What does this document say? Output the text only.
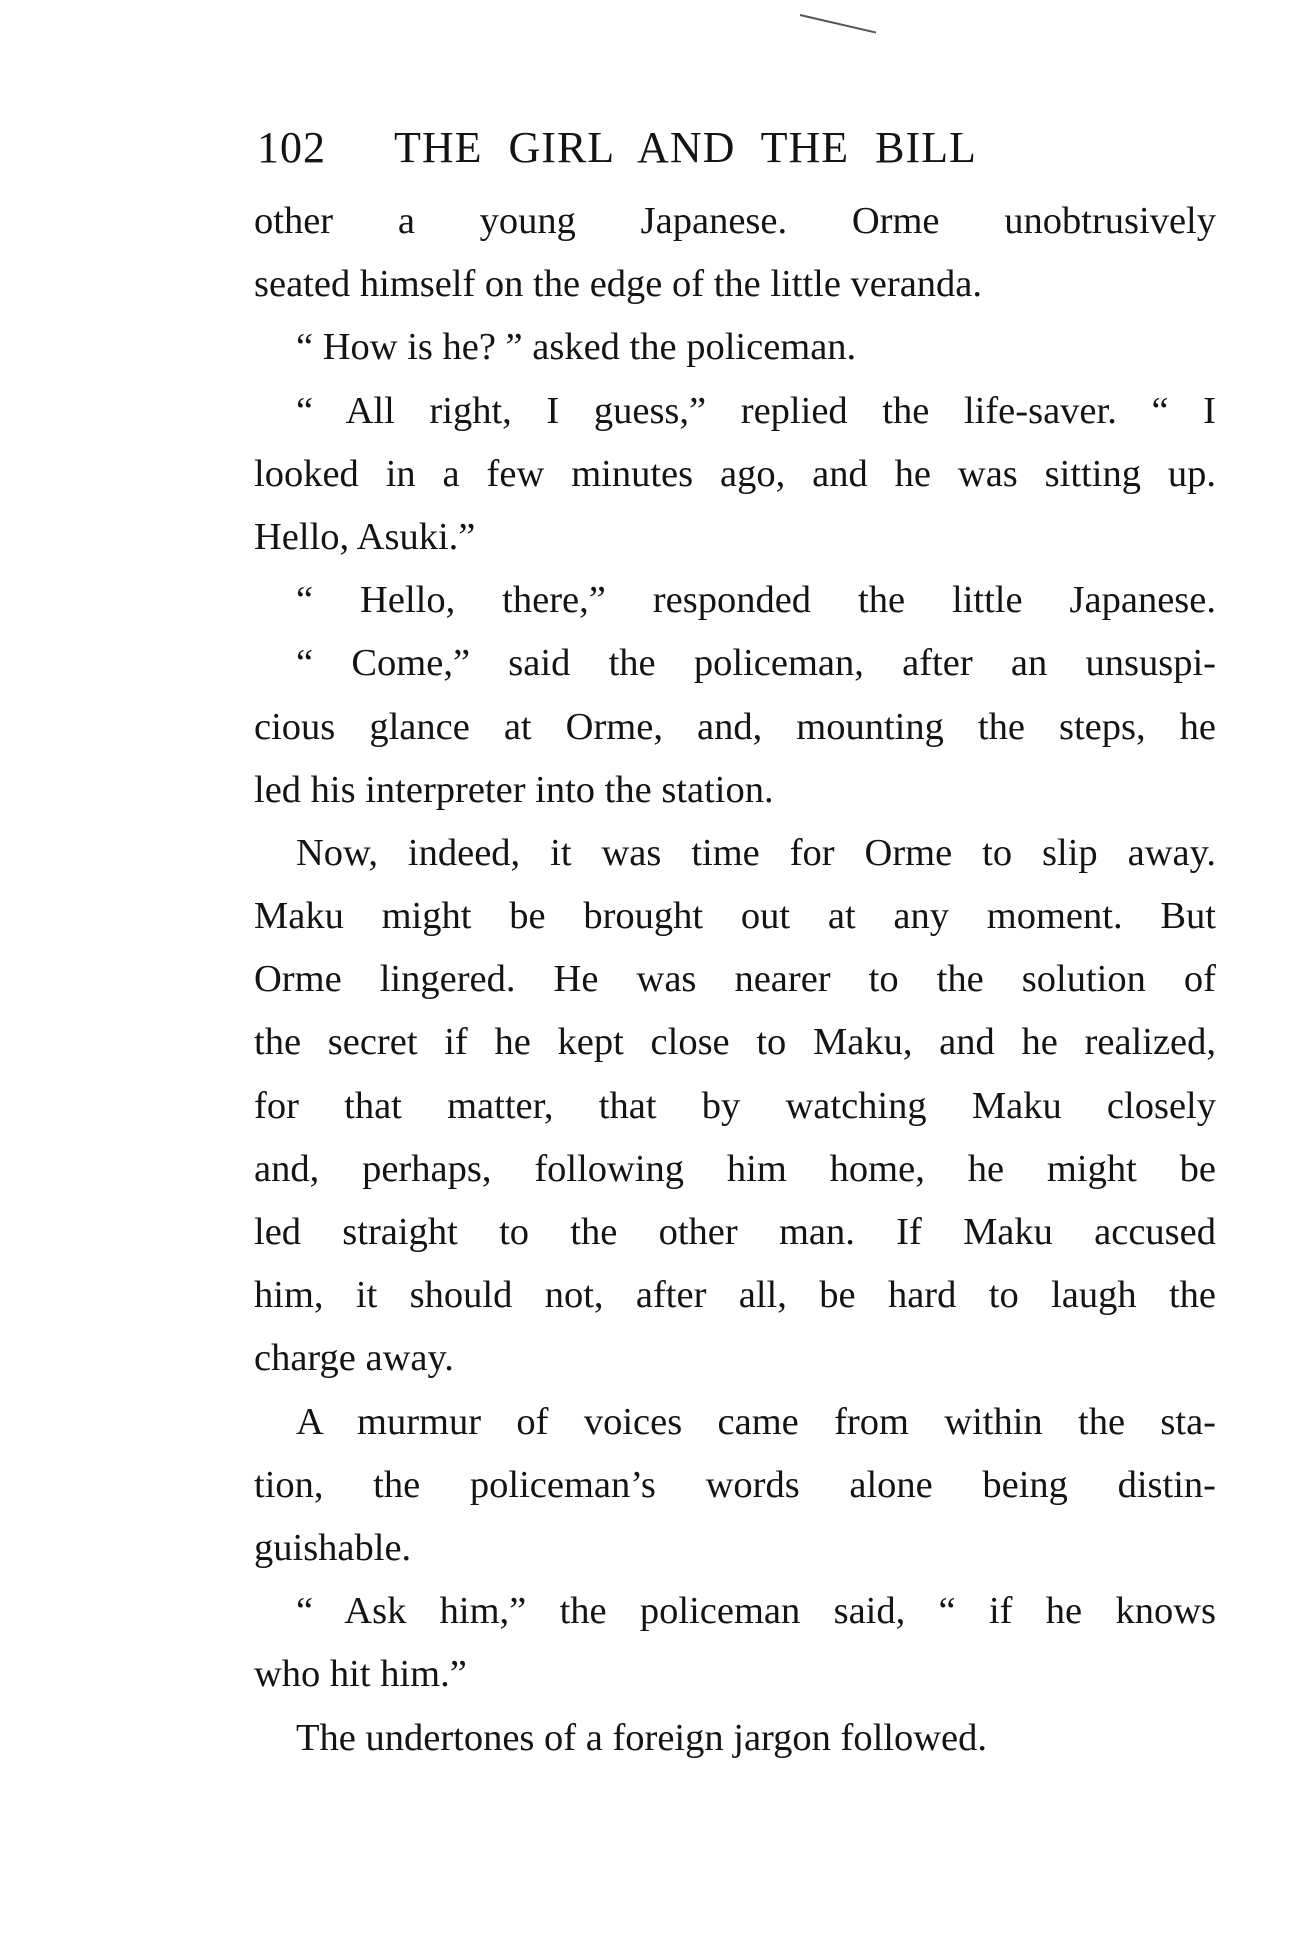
102 THE GIRL AND THE BILL
other a young Japanese. Orme unobtrusively
seated himself on the edge of the little veranda.
“ How is he? ” asked the policeman.
“ All right, I guess,” replied the life-saver. “ I
looked in a few minutes ago, and he was sitting up.
Hello, Asuki.”
“ Hello, there,” responded the little Japanese.
“ Come,” said the policeman, after an unsuspi-
cious glance at Orme, and, mounting the steps, he
led his interpreter into the station.
Now, indeed, it was time for Orme to slip away.
Maku might be brought out at any moment. But
Orme lingered. He was nearer to the solution of
the secret if he kept close to Maku, and he realized,
for that matter, that by watching Maku closely
and, perhaps, following him home, he might be
led straight to the other man. If Maku accused
him, it should not, after all, be hard to laugh the
charge away.
A murmur of voices came from within the sta-
tion, the policeman’s words alone being distin-
guishable.
“ Ask him,” the policeman said, “ if he knows
who hit him.”
The undertones of a foreign jargon followed.
